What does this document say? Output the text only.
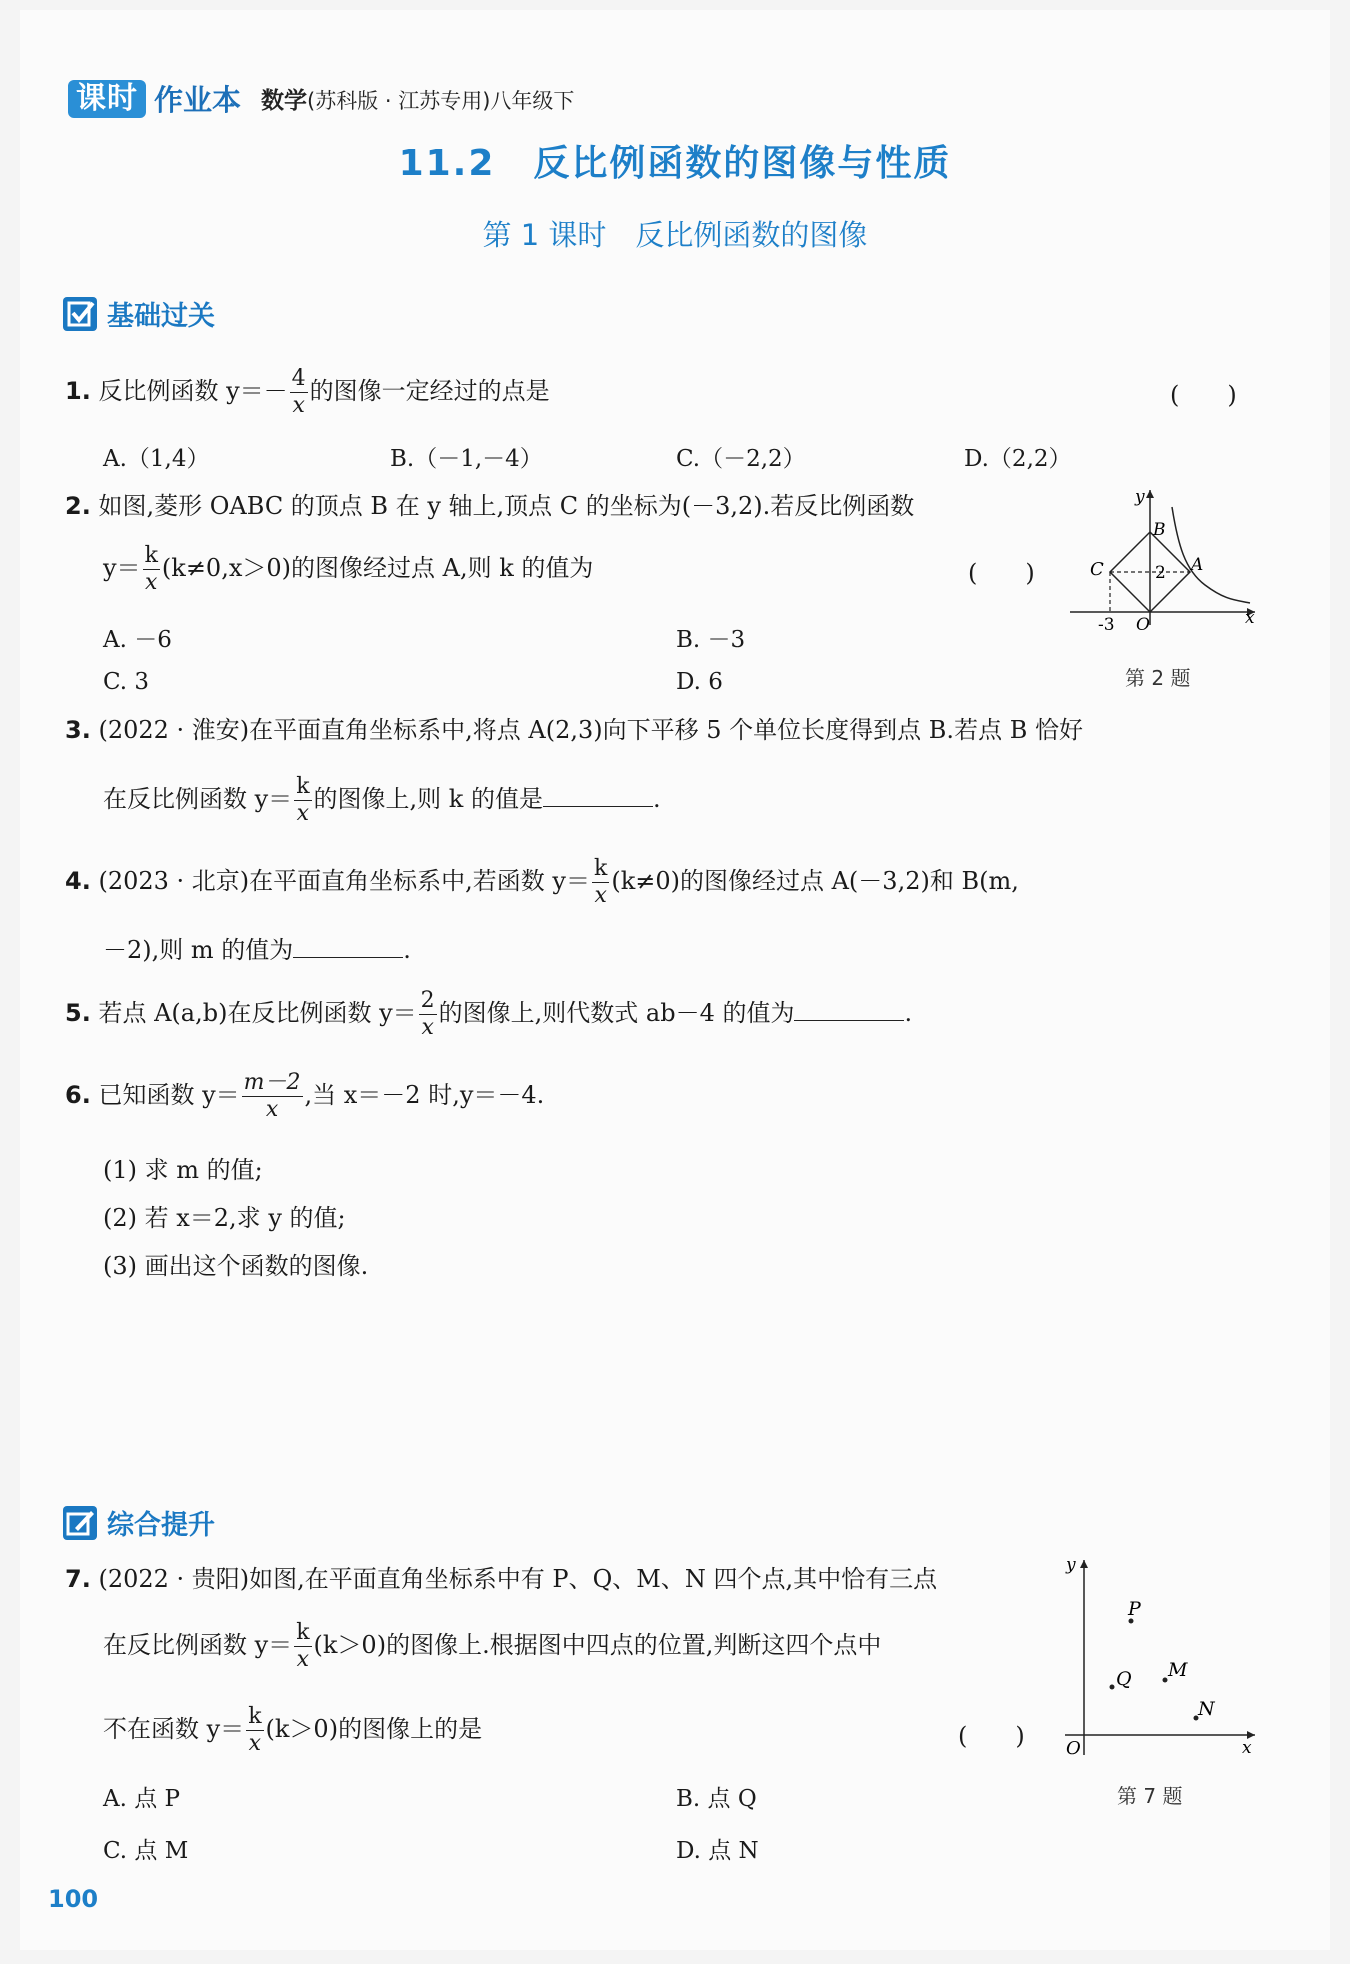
课时 作业本 数学(苏科版 · 江苏专用)八年级下
11.2　反比例函数的图像与性质
第 1 课时　反比例函数的图像
基础过关
1. 反比例函数 $y=- \frac{4}{x}$ 的图像一定经过的点是	(　　)
A.（1,4）	B.（－1,－4）	C.（－2,2）	D.（2,2）
2. 如图,菱形 OABC 的顶点 B 在 y 轴上,顶点 C 的坐标为(－3,2).若反比例函数
$y= \frac{k}{x} (k\ne 0,x>0)$的图像经过点 A,则 k 的值为	(　　)
A. －6	B. －3
C. 3	D. 6
y
x
B
A
C	2
-3 O
第 2 题
3. (2022 · 淮安)在平面直角坐标系中,将点 A(2,3)向下平移 5 个单位长度得到点 B.若点 B 恰好
在反比例函数 $y= \frac{k}{x}$ 的图像上,则 k 的值是	.
4. (2023 · 北京)在平面直角坐标系中,若函数 $y= \frac{k}{x} (k\ne 0)$的图像经过点 A(－3,2)和 B(m,
－2),则 m 的值为	.
5. 若点 A(a,b)在反比例函数 $y= \frac{2}{x}$ 的图像上,则代数式 ab－4 的值为	.
6. 已知函数 $y= \frac{m-2}{x}$ ,当 x＝－2 时,y＝－4.
(1) 求 m 的值;
(2) 若 x＝2,求 y 的值;
(3) 画出这个函数的图像.
综合提升
7. (2022 · 贵阳)如图,在平面直角坐标系中有 P、Q、M、N 四个点,其中恰有三点
在反比例函数 $y= \frac{k}{x} (k>0)$的图像上.根据图中四点的位置,判断这四个点中
不在函数 $y= \frac{k}{x} (k>0)$的图像上的是	(　　)
A. 点 P	B. 点 Q
C. 点 M	D. 点 N
y
x
O
P
Q M
N
第 7 题
100
